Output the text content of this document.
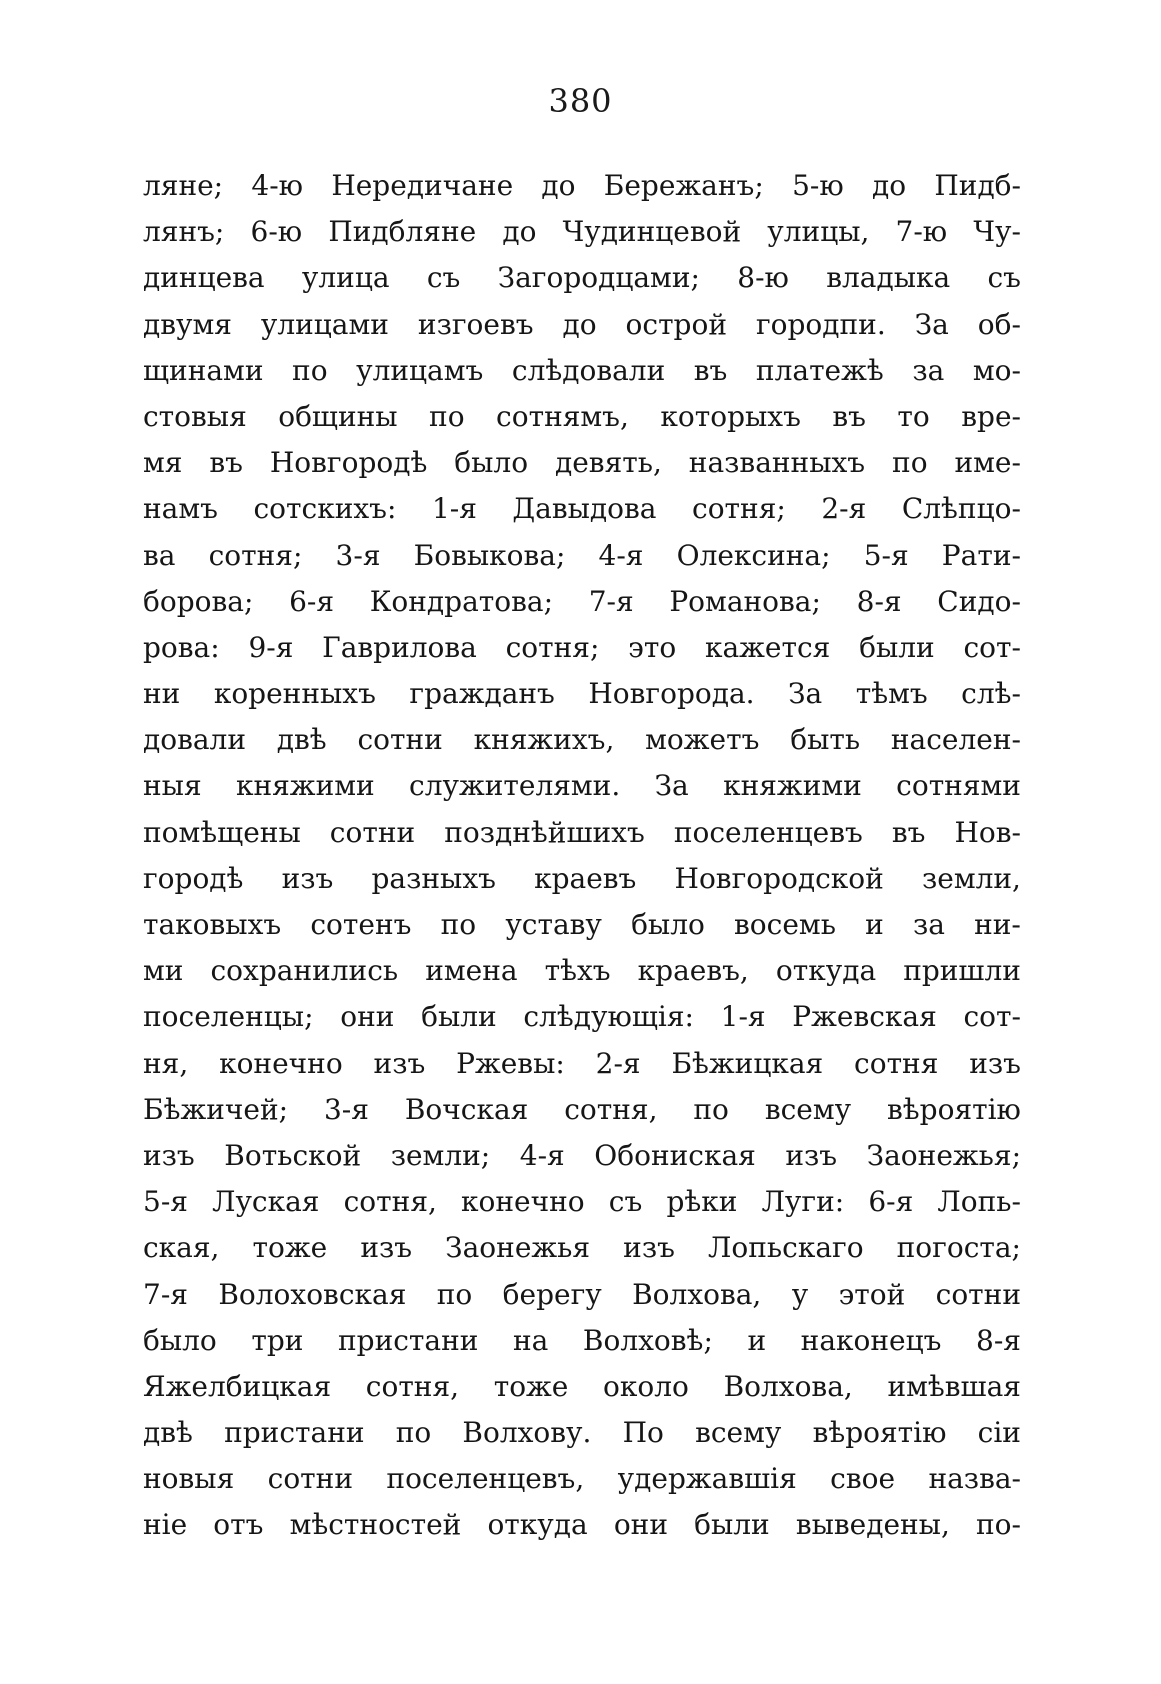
380
ляне; 4-ю Нередичане до Бережанъ; 5-ю до Пидб-
лянъ; 6-ю Пидбляне до Чудинцевой улицы, 7-ю Чу-
динцева улица съ Загородцами; 8-ю владыка съ
двумя улицами изгоевъ до острой городпи. За об-
щинами по улицамъ слѣдовали въ платежѣ за мо-
стовыя общины по сотнямъ, которыхъ въ то вре-
мя въ Новгородѣ было девять, названныхъ по име-
намъ сотскихъ: 1-я Давыдова сотня; 2-я Слѣпцо-
ва сотня; 3-я Бовыкова; 4-я Олексина; 5-я Рати-
борова; 6-я Кондратова; 7-я Романова; 8-я Сидо-
рова: 9-я Гаврилова сотня; это кажется были сот-
ни коренныхъ гражданъ Новгорода. За тѣмъ слѣ-
довали двѣ сотни княжихъ, можетъ быть населен-
ныя княжими служителями. За княжими сотнями
помѣщены сотни позднѣйшихъ поселенцевъ въ Нов-
городѣ изъ разныхъ краевъ Новгородской земли,
таковыхъ сотенъ по уставу было восемь и за ни-
ми сохранились имена тѣхъ краевъ, откуда пришли
поселенцы; они были слѣдующія: 1-я Ржевская сот-
ня, конечно изъ Ржевы: 2-я Бѣжицкая сотня изъ
Бѣжичей; 3-я Вочская сотня, по всему вѣроятію
изъ Вотьской земли; 4-я Обониская изъ Заонежья;
5-я Луская сотня, конечно съ рѣки Луги: 6-я Лопь-
ская, тоже изъ Заонежья изъ Лопьскаго погоста;
7-я Волоховская по берегу Волхова, у этой сотни
было три пристани на Волховѣ; и наконецъ 8-я
Яжелбицкая сотня, тоже около Волхова, имѣвшая
двѣ пристани по Волхову. По всему вѣроятію сіи
новыя сотни поселенцевъ, удержавшія свое назва-
ніе отъ мѣстностей откуда они были выведены, по-
